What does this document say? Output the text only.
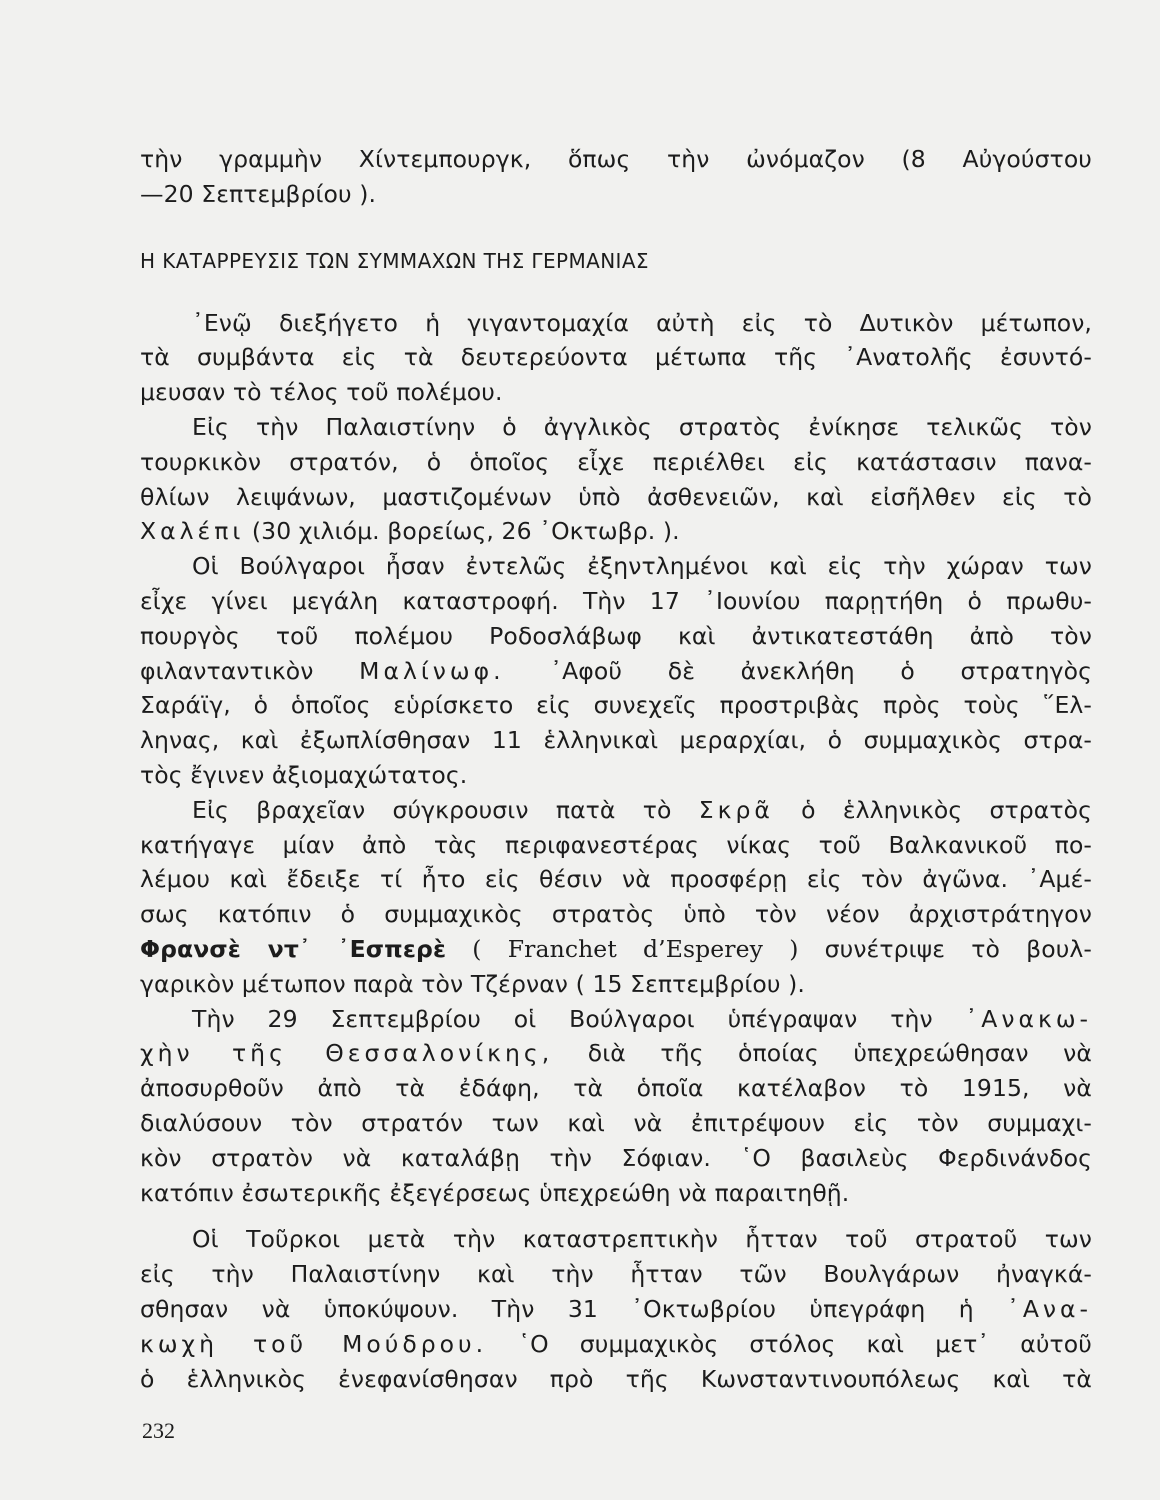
τὴν γραμμὴν Χίντεμπουργκ, ὅπως τὴν ὠνόμαζον (8 Αὐγούστου
—20 Σεπτεμβρίου ).
Η ΚΑΤΑΡΡΕΥΣΙΣ ΤΩΝ ΣΥΜΜΑΧΩΝ ΤΗΣ ΓΕΡΜΑΝΙΑΣ
᾿Ενῷ διεξήγετο ἡ γιγαντομαχία αὐτὴ εἰς τὸ Δυτικὸν μέτωπον,
τὰ συμβάντα εἰς τὰ δευτερεύοντα μέτωπα τῆς ᾿Ανατολῆς ἐσυντό-
μευσαν τὸ τέλος τοῦ πολέμου.
Εἰς τὴν Παλαιστίνην ὁ ἀγγλικὸς στρατὸς ἐνίκησε τελικῶς τὸν
τουρκικὸν στρατόν, ὁ ὁποῖος εἶχε περιέλθει εἰς κατάστασιν πανα-
θλίων λειψάνων, μαστιζομένων ὑπὸ ἀσθενειῶν, καὶ εἰσῆλθεν εἰς τὸ
Χαλέπι (30 χιλιόμ. βορείως, 26 ᾿Οκτωβρ. ).
Οἱ Βούλγαροι ἦσαν ἐντελῶς ἐξηντλημένοι καὶ εἰς τὴν χώραν των
εἶχε γίνει μεγάλη καταστροφή. Τὴν 17 ᾿Ιουνίου παρῃτήθη ὁ πρωθυ-
πουργὸς τοῦ πολέμου Ροδοσλάβωφ καὶ ἀντικατεστάθη ἀπὸ τὸν
φιλανταντικὸν Μαλίνωφ. ᾿Αφοῦ δὲ ἀνεκλήθη ὁ στρατηγὸς
Σαράϊγ, ὁ ὁποῖος εὑρίσκετο εἰς συνεχεῖς προστριβὰς πρὸς τοὺς ῞Ελ-
ληνας, καὶ ἐξωπλίσθησαν 11 ἑλληνικαὶ μεραρχίαι, ὁ συμμαχικὸς στρα-
τὸς ἔγινεν ἀξιομαχώτατος.
Εἰς βραχεῖαν σύγκρουσιν πατὰ τὸ Σκρᾶ ὁ ἑλληνικὸς στρατὸς
κατήγαγε μίαν ἀπὸ τὰς περιφανεστέρας νίκας τοῦ Βαλκανικοῦ πο-
λέμου καὶ ἔδειξε τί ἦτο εἰς θέσιν νὰ προσφέρῃ εἰς τὸν ἀγῶνα. ᾿Αμέ-
σως κατόπιν ὁ συμμαχικὸς στρατὸς ὑπὸ τὸν νέον ἀρχιστράτηγον
Φρανσὲ ντ᾿ ᾿Εσπερὲ ( Franchet d’Esperey ) συνέτριψε τὸ βουλ-
γαρικὸν μέτωπον παρὰ τὸν Τζέρναν ( 15 Σεπτεμβρίου ).
Τὴν 29 Σεπτεμβρίου οἱ Βούλγαροι ὑπέγραψαν τὴν ᾿Ανακω-
χὴν τῆς Θεσσαλονίκης, διὰ τῆς ὁποίας ὑπεχρεώθησαν νὰ
ἀποσυρθοῦν ἀπὸ τὰ ἐδάφη, τὰ ὁποῖα κατέλαβον τὸ 1915, νὰ
διαλύσουν τὸν στρατόν των καὶ νὰ ἐπιτρέψουν εἰς τὸν συμμαχι-
κὸν στρατὸν νὰ καταλάβῃ τὴν Σόφιαν. ῾Ο βασιλεὺς Φερδινάνδος
κατόπιν ἐσωτερικῆς ἐξεγέρσεως ὑπεχρεώθη νὰ παραιτηθῇ.
Οἱ Τοῦρκοι μετὰ τὴν καταστρεπτικὴν ἧτταν τοῦ στρατοῦ των
εἰς τὴν Παλαιστίνην καὶ τὴν ἧτταν τῶν Βουλγάρων ἠναγκά-
σθησαν νὰ ὑποκύψουν. Τὴν 31 ᾿Οκτωβρίου ὑπεγράφη ἡ ᾿Ανα-
κωχὴ τοῦ Μούδρου. ῾Ο συμμαχικὸς στόλος καὶ μετ᾿ αὐτοῦ
ὁ ἑλληνικὸς ἐνεφανίσθησαν πρὸ τῆς Κωνσταντινουπόλεως καὶ τὰ
232
